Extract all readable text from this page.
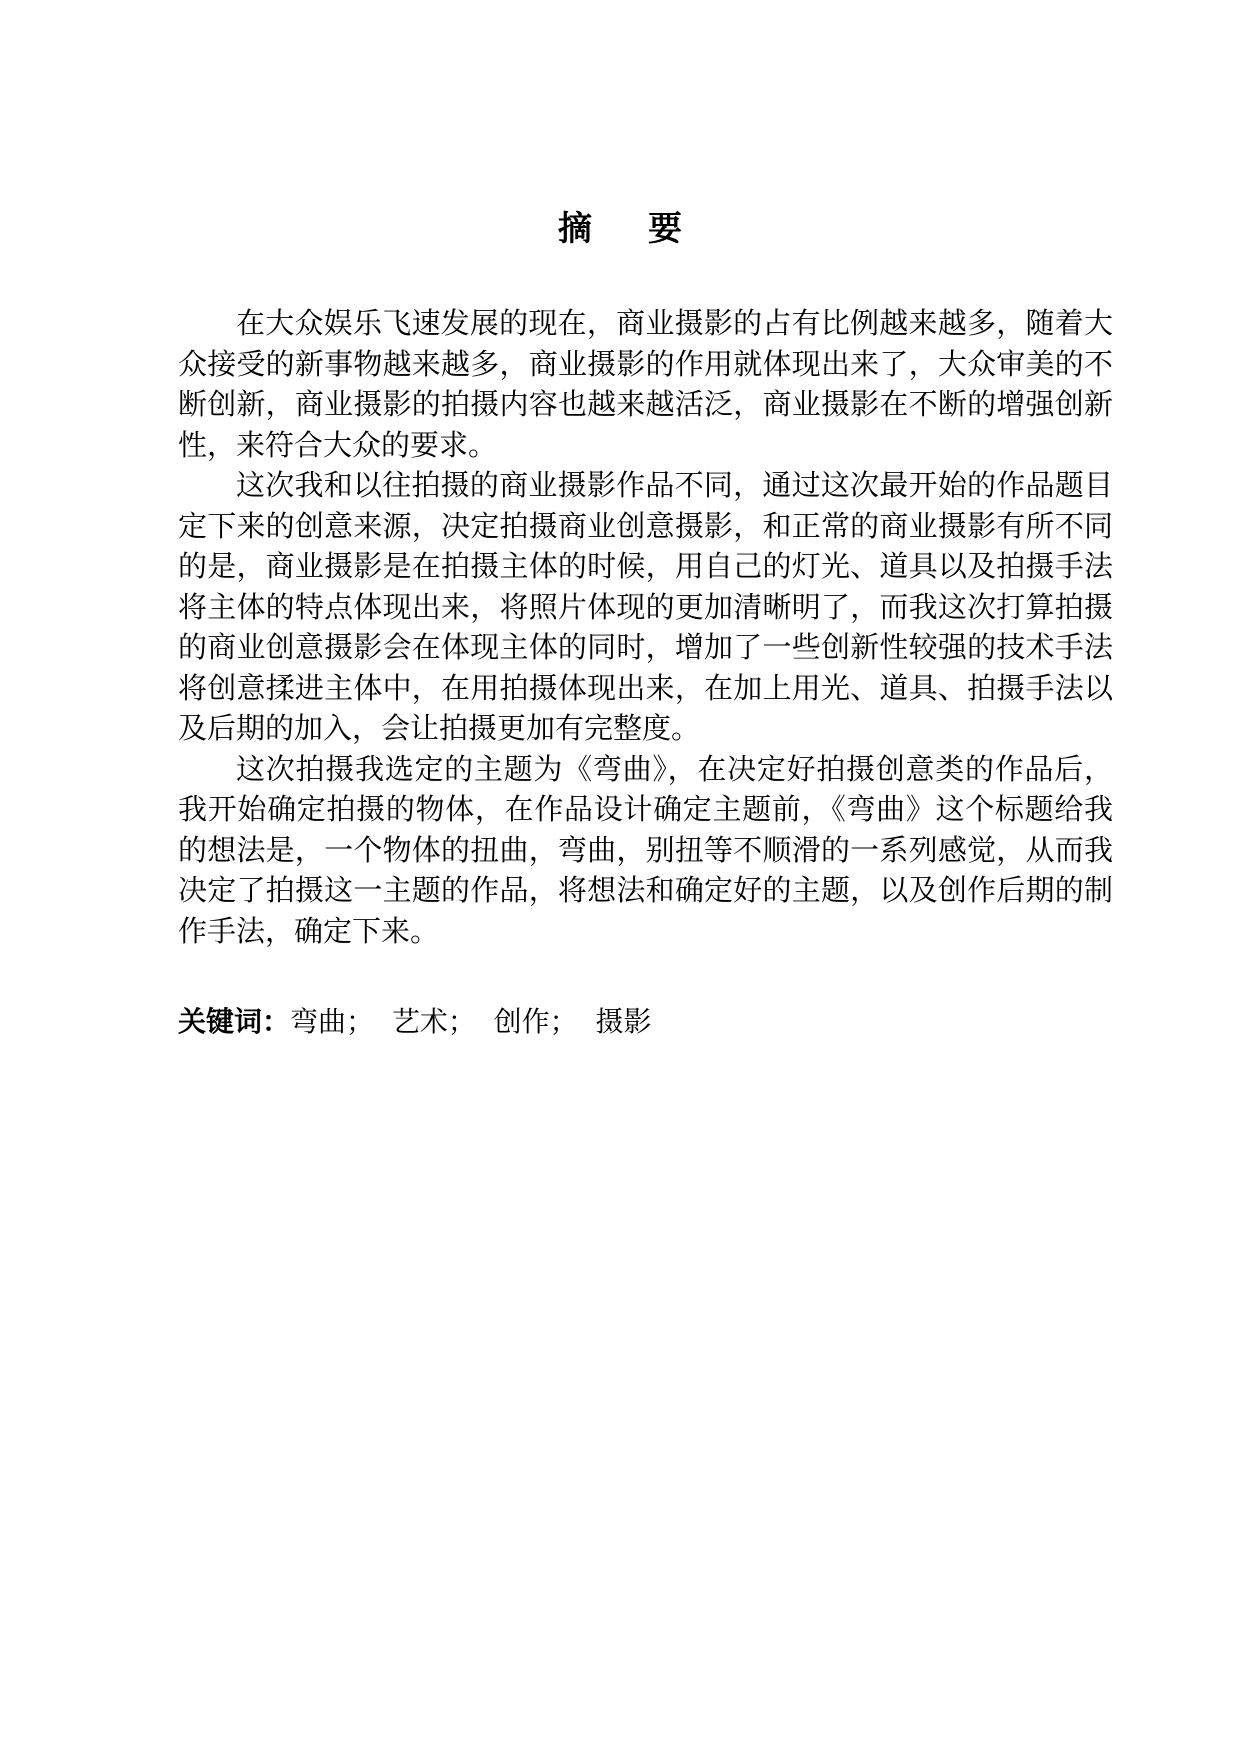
摘要

在大众娱乐飞速发展的现在，商业摄影的占有比例越来越多，随着大众接受的新事物越来越多，商业摄影的作用就体现出来了，大众审美的不断创新，商业摄影的拍摄内容也越来越活泛，商业摄影在不断的增强创新性，来符合大众的要求。

这次我和以往拍摄的商业摄影作品不同，通过这次最开始的作品题目定下来的创意来源，决定拍摄商业创意摄影，和正常的商业摄影有所不同的是，商业摄影是在拍摄主体的时候，用自己的灯光、道具以及拍摄手法将主体的特点体现出来，将照片体现的更加清晰明了，而我这次打算拍摄的商业创意摄影会在体现主体的同时，增加了一些创新性较强的技术手法将创意揉进主体中，在用拍摄体现出来，在加上用光、道具、拍摄手法以及后期的加入，会让拍摄更加有完整度。

这次拍摄我选定的主题为《弯曲》，在决定好拍摄创意类的作品后，我开始确定拍摄的物体，在作品设计确定主题前，《弯曲》这个标题给我的想法是，一个物体的扭曲，弯曲，别扭等不顺滑的一系列感觉，从而我决定了拍摄这一主题的作品，将想法和确定好的主题，以及创作后期的制作手法，确定下来。

关键词：弯曲； 艺术； 创作； 摄影
